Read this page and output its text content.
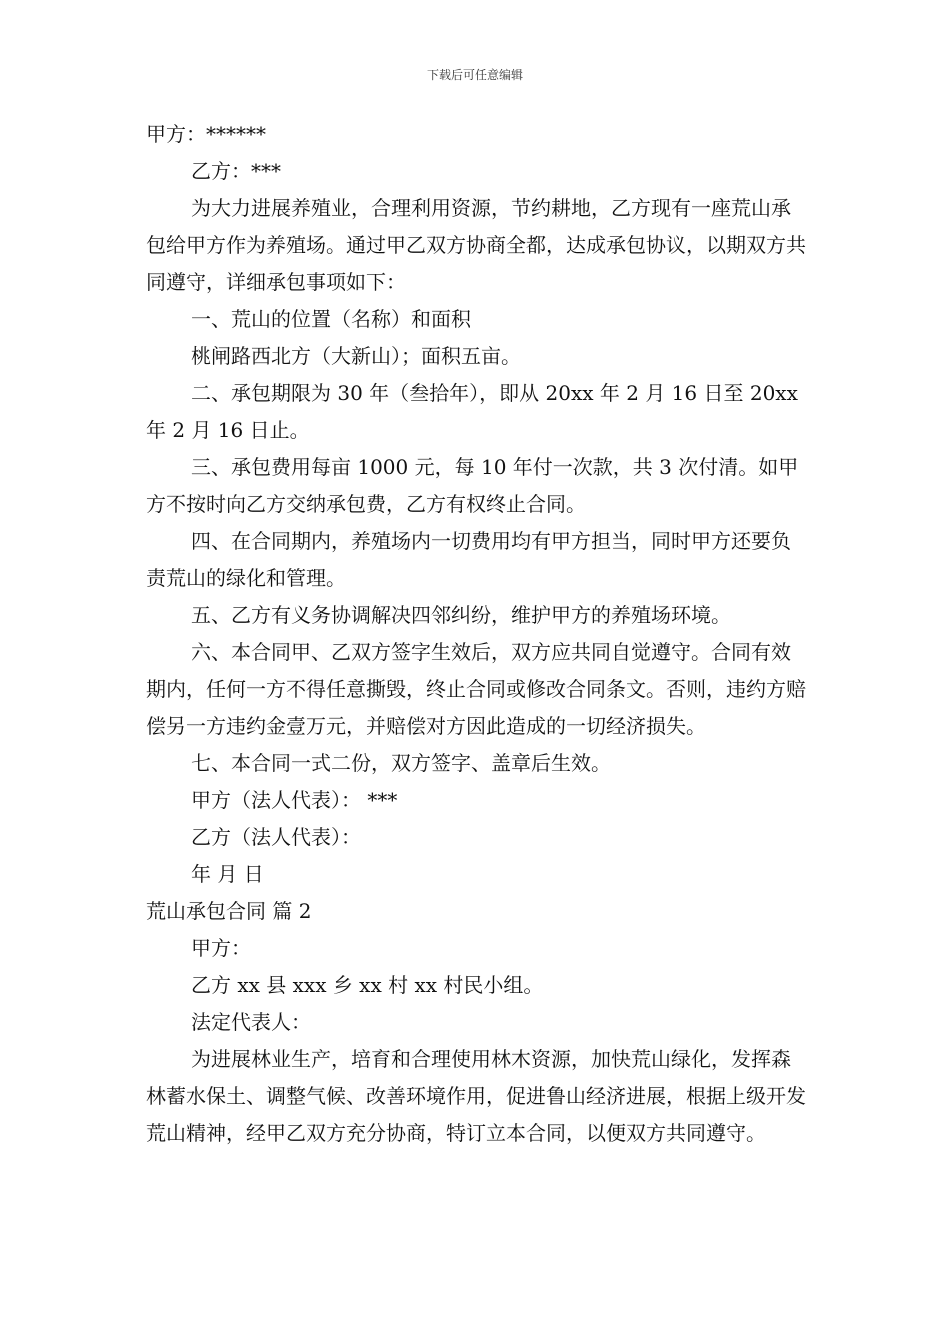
下载后可任意编辑

甲方：******

乙方：***

为大力进展养殖业，合理利用资源，节约耕地，乙方现有一座荒山承包给甲方作为养殖场。通过甲乙双方协商全都，达成承包协议，以期双方共同遵守，详细承包事项如下：

一、荒山的位置（名称）和面积

桃闸路西北方（大新山）；面积五亩。

二、承包期限为 30 年（叁拾年），即从 20xx 年 2 月 16 日至 20xx 年 2 月 16 日止。

三、承包费用每亩 1000 元，每 10 年付一次款，共 3 次付清。如甲方不按时向乙方交纳承包费，乙方有权终止合同。

四、在合同期内，养殖场内一切费用均有甲方担当，同时甲方还要负责荒山的绿化和管理。

五、乙方有义务协调解决四邻纠纷，维护甲方的养殖场环境。

六、本合同甲、乙双方签字生效后，双方应共同自觉遵守。合同有效期内，任何一方不得任意撕毁，终止合同或修改合同条文。否则，违约方赔偿另一方违约金壹万元，并赔偿对方因此造成的一切经济损失。

七、本合同一式二份，双方签字、盖章后生效。

甲方（法人代表）： ***

乙方（法人代表）：

年 月 日

荒山承包合同 篇 2

甲方：

乙方 xx 县 xxx 乡 xx 村 xx 村民小组。

法定代表人：

为进展林业生产，培育和合理使用林木资源，加快荒山绿化，发挥森林蓄水保土、调整气候、改善环境作用，促进鲁山经济进展，根据上级开发荒山精神，经甲乙双方充分协商，特订立本合同，以便双方共同遵守。
